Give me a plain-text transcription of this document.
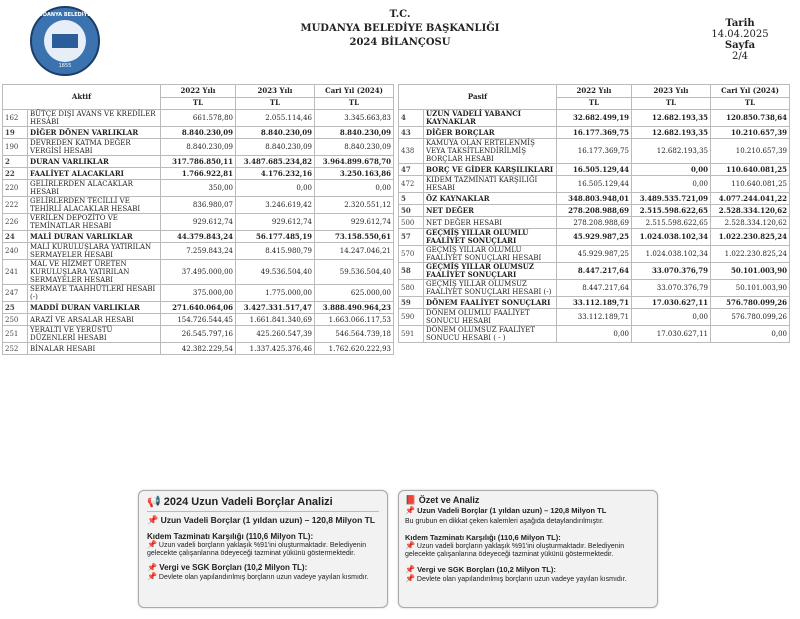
MUDANYA BELEDİYESİ
1855
T.C.
MUDANYA BELEDİYE BAŞKANLIĞI
2024 BİLANÇOSU
Tarih
14.04.2025
Sayfa
2/4
Aktif		2022 Yılı	2023 Yılı	Cari Yıl (2024)
		TL	TL	TL
162	BÜTÇE DIŞI AVANS VE KREDİLER HESABI	661.578,80	2.055.114,46	3.345.663,83
19	DİĞER DÖNEN VARLIKLAR	8.840.230,09	8.840.230,09	8.840.230,09
190	DEVREDEN KATMA DEĞER VERGİSİ HESABI	8.840.230,09	8.840.230,09	8.840.230,09
2	DURAN VARLIKLAR	317.786.850,11	3.487.685.234,82	3.964.899.678,70
22	FAALİYET ALACAKLARI	1.766.922,81	4.176.232,16	3.250.163,86
220	GELİRLERDEN ALACAKLAR HESABI	350,00	0,00	0,00
222	GELİRLERDEN TECİLLİ VE TEHİRLİ ALACAKLAR HESABI	836.980,07	3.246.619,42	2.320.551,12
226	VERİLEN DEPOZİTO VE TEMİNATLAR HESABI	929.612,74	929.612,74	929.612,74
24	MALİ DURAN VARLIKLAR	44.379.843,24	56.177.485,19	73.158.550,61
240	MALİ KURULUŞLARA YATIRILAN SERMAYELER HESABI	7.259.843,24	8.415.980,79	14.247.046,21
241	MAL VE HİZMET ÜRETEN KURULUŞLARA YATIRILAN SERMAYELER HESABI	37.495.000,00	49.536.504,40	59.536.504,40
247	SERMAYE TAAHHÜTLERİ HESABI (-)	375.000,00	1.775.000,00	625.000,00
25	MADDİ DURAN VARLIKLAR	271.640.064,06	3.427.331.517,47	3.888.490.964,23
250	ARAZİ VE ARSALAR HESABI	154.726.544,45	1.661.841.340,69	1.663.066.117,53
251	YERALTI VE YERÜSTÜ DÜZENLERİ HESABI	26.545.797,16	425.260.547,39	546.564.739,18
252	BİNALAR HESABI	42.382.229,54	1.337.425.376,46	1.762.620.222,93
Pasif		2022 Yılı	2023 Yılı	Cari Yıl (2024)
		TL	TL	TL
4	UZUN VADELİ YABANCI KAYNAKLAR	32.682.499,19	12.682.193,35	120.850.738,64
43	DİĞER BORÇLAR	16.177.369,75	12.682.193,35	10.210.657,39
438	KAMUYA OLAN ERTELENMİŞ VEYA TAKSİTLENDİRİLMİŞ BORÇLAR HESABI	16.177.369,75	12.682.193,35	10.210.657,39
47	BORÇ VE GİDER KARŞILIKLARI	16.505.129,44	0,00	110.640.081,25
472	KIDEM TAZMİNATI KARŞILIĞI HESABI	16.505.129,44	0,00	110.640.081,25
5	ÖZ KAYNAKLAR	348.803.948,01	3.489.535.721,09	4.077.244.041,22
50	NET DEĞER	278.208.988,69	2.515.598.622,65	2.528.334.120,62
500	NET DEĞER HESABI	278.208.988,69	2.515.598.622,65	2.528.334.120,62
57	GEÇMİŞ YILLAR OLUMLU FAALİYET SONUÇLARI	45.929.987,25	1.024.038.102,34	1.022.230.825,24
570	GEÇMİŞ YILLAR OLUMLU FAALİYET SONUÇLARI HESABI	45.929.987,25	1.024.038.102,34	1.022.230.825,24
58	GEÇMİŞ YILLAR OLUMSUZ FAALİYET SONUÇLARI	8.447.217,64	33.070.376,79	50.101.003,90
580	GEÇMİŞ YILLAR OLUMSUZ FAALİYET SONUÇLARI HESABI (-)	8.447.217,64	33.070.376,79	50.101.003,90
59	DÖNEM FAALİYET SONUÇLARI	33.112.189,71	17.030.627,11	576.780.099,26
590	DÖNEM OLUMLU FAALİYET SONUCU HESABI	33.112.189,71	0,00	576.780.099,26
591	DÖNEM OLUMSUZ FAALİYET SONUCU HESABI ( - )	0,00	17.030.627,11	0,00

📢 2024 Uzun Vadeli Borçlar Analizi

📌 Uzun Vadeli Borçlar (1 yıldan uzun) – 120,8 Milyon TL

Kıdem Tazminatı Karşılığı (110,6 Milyon TL):

📌 Uzun vadeli borçların yaklaşık %91'ini oluşturmaktadır. Belediyenin gelecekte çalışanlarına ödeyeceği tazminat yükünü göstermektedir.

📌 Vergi ve SGK Borçları (10,2 Milyon TL):

📌 Devlete olan yapılandırılmış borçların uzun vadeye yayılan kısmıdır.

📕 Özet ve Analiz

📌 Uzun Vadeli Borçlar (1 yıldan uzun) – 120,8 Milyon TL

Bu grubun en dikkat çeken kalemleri aşağıda detaylandırılmıştır.

Kıdem Tazminatı Karşılığı (110,6 Milyon TL):

📌 Uzun vadeli borçların yaklaşık %91'ini oluşturmaktadır. Belediyenin gelecekte çalışanlarına ödeyeceği tazminat yükünü göstermektedir.

📌 Vergi ve SGK Borçları (10,2 Milyon TL):

📌 Devlete olan yapılandırılmış borçların uzun vadeye yayılan kısmıdır.
